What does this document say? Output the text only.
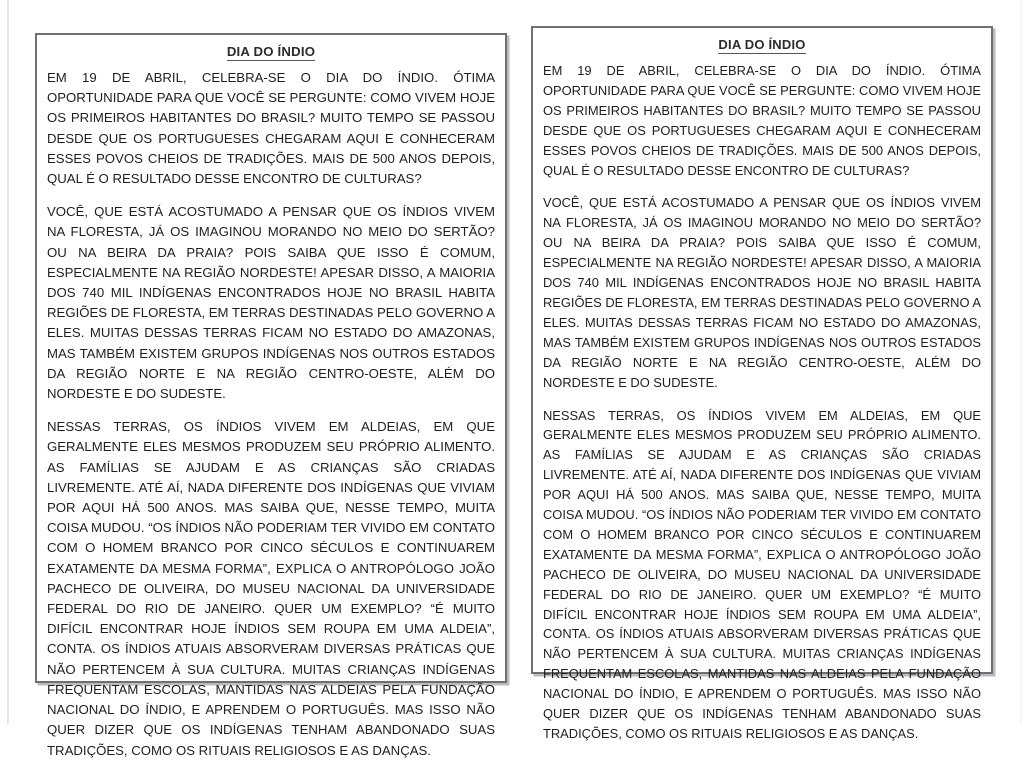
DIA DO ÍNDIO

EM 19 DE ABRIL, CELEBRA-SE O DIA DO ÍNDIO. ÓTIMA OPORTUNIDADE PARA QUE VOCÊ SE PERGUNTE: COMO VIVEM HOJE OS PRIMEIROS HABITANTES DO BRASIL? MUITO TEMPO SE PASSOU DESDE QUE OS PORTUGUESES CHEGARAM AQUI E CONHECERAM ESSES POVOS CHEIOS DE TRADIÇÕES. MAIS DE 500 ANOS DEPOIS, QUAL É O RESULTADO DESSE ENCONTRO DE CULTURAS?

VOCÊ, QUE ESTÁ ACOSTUMADO A PENSAR QUE OS ÍNDIOS VIVEM NA FLORESTA, JÁ OS IMAGINOU MORANDO NO MEIO DO SERTÃO? OU NA BEIRA DA PRAIA? POIS SAIBA QUE ISSO É COMUM, ESPECIALMENTE NA REGIÃO NORDESTE! APESAR DISSO, A MAIORIA DOS 740 MIL INDÍGENAS ENCONTRADOS HOJE NO BRASIL HABITA REGIÕES DE FLORESTA, EM TERRAS DESTINADAS PELO GOVERNO A ELES. MUITAS DESSAS TERRAS FICAM NO ESTADO DO AMAZONAS, MAS TAMBÉM EXISTEM GRUPOS INDÍGENAS NOS OUTROS ESTADOS DA REGIÃO NORTE E NA REGIÃO CENTRO-OESTE, ALÉM DO NORDESTE E DO SUDESTE.

NESSAS TERRAS, OS ÍNDIOS VIVEM EM ALDEIAS, EM QUE GERALMENTE ELES MESMOS PRODUZEM SEU PRÓPRIO ALIMENTO. AS FAMÍLIAS SE AJUDAM E AS CRIANÇAS SÃO CRIADAS LIVREMENTE. ATÉ AÍ, NADA DIFERENTE DOS INDÍGENAS QUE VIVIAM POR AQUI HÁ 500 ANOS. MAS SAIBA QUE, NESSE TEMPO, MUITA COISA MUDOU. “OS ÍNDIOS NÃO PODERIAM TER VIVIDO EM CONTATO COM O HOMEM BRANCO POR CINCO SÉCULOS E CONTINUAREM EXATAMENTE DA MESMA FORMA”, EXPLICA O ANTROPÓLOGO JOÃO PACHECO DE OLIVEIRA, DO MUSEU NACIONAL DA UNIVERSIDADE FEDERAL DO RIO DE JANEIRO. QUER UM EXEMPLO? “É MUITO DIFÍCIL ENCONTRAR HOJE ÍNDIOS SEM ROUPA EM UMA ALDEIA”, CONTA. OS ÍNDIOS ATUAIS ABSORVERAM DIVERSAS PRÁTICAS QUE NÃO PERTENCEM À SUA CULTURA. MUITAS CRIANÇAS INDÍGENAS FREQUENTAM ESCOLAS, MANTIDAS NAS ALDEIAS PELA FUNDAÇÃO NACIONAL DO ÍNDIO, E APRENDEM O PORTUGUÊS. MAS ISSO NÃO QUER DIZER QUE OS INDÍGENAS TENHAM ABANDONADO SUAS TRADIÇÕES, COMO OS RITUAIS RELIGIOSOS E AS DANÇAS.

DIA DO ÍNDIO

EM 19 DE ABRIL, CELEBRA-SE O DIA DO ÍNDIO. ÓTIMA OPORTUNIDADE PARA QUE VOCÊ SE PERGUNTE: COMO VIVEM HOJE OS PRIMEIROS HABITANTES DO BRASIL? MUITO TEMPO SE PASSOU DESDE QUE OS PORTUGUESES CHEGARAM AQUI E CONHECERAM ESSES POVOS CHEIOS DE TRADIÇÕES. MAIS DE 500 ANOS DEPOIS, QUAL É O RESULTADO DESSE ENCONTRO DE CULTURAS?

VOCÊ, QUE ESTÁ ACOSTUMADO A PENSAR QUE OS ÍNDIOS VIVEM NA FLORESTA, JÁ OS IMAGINOU MORANDO NO MEIO DO SERTÃO? OU NA BEIRA DA PRAIA? POIS SAIBA QUE ISSO É COMUM, ESPECIALMENTE NA REGIÃO NORDESTE! APESAR DISSO, A MAIORIA DOS 740 MIL INDÍGENAS ENCONTRADOS HOJE NO BRASIL HABITA REGIÕES DE FLORESTA, EM TERRAS DESTINADAS PELO GOVERNO A ELES. MUITAS DESSAS TERRAS FICAM NO ESTADO DO AMAZONAS, MAS TAMBÉM EXISTEM GRUPOS INDÍGENAS NOS OUTROS ESTADOS DA REGIÃO NORTE E NA REGIÃO CENTRO-OESTE, ALÉM DO NORDESTE E DO SUDESTE.

NESSAS TERRAS, OS ÍNDIOS VIVEM EM ALDEIAS, EM QUE GERALMENTE ELES MESMOS PRODUZEM SEU PRÓPRIO ALIMENTO. AS FAMÍLIAS SE AJUDAM E AS CRIANÇAS SÃO CRIADAS LIVREMENTE. ATÉ AÍ, NADA DIFERENTE DOS INDÍGENAS QUE VIVIAM POR AQUI HÁ 500 ANOS. MAS SAIBA QUE, NESSE TEMPO, MUITA COISA MUDOU. “OS ÍNDIOS NÃO PODERIAM TER VIVIDO EM CONTATO COM O HOMEM BRANCO POR CINCO SÉCULOS E CONTINUAREM EXATAMENTE DA MESMA FORMA”, EXPLICA O ANTROPÓLOGO JOÃO PACHECO DE OLIVEIRA, DO MUSEU NACIONAL DA UNIVERSIDADE FEDERAL DO RIO DE JANEIRO. QUER UM EXEMPLO? “É MUITO DIFÍCIL ENCONTRAR HOJE ÍNDIOS SEM ROUPA EM UMA ALDEIA”, CONTA. OS ÍNDIOS ATUAIS ABSORVERAM DIVERSAS PRÁTICAS QUE NÃO PERTENCEM À SUA CULTURA. MUITAS CRIANÇAS INDÍGENAS FREQUENTAM ESCOLAS, MANTIDAS NAS ALDEIAS PELA FUNDAÇÃO NACIONAL DO ÍNDIO, E APRENDEM O PORTUGUÊS. MAS ISSO NÃO QUER DIZER QUE OS INDÍGENAS TENHAM ABANDONADO SUAS TRADIÇÕES, COMO OS RITUAIS RELIGIOSOS E AS DANÇAS.
